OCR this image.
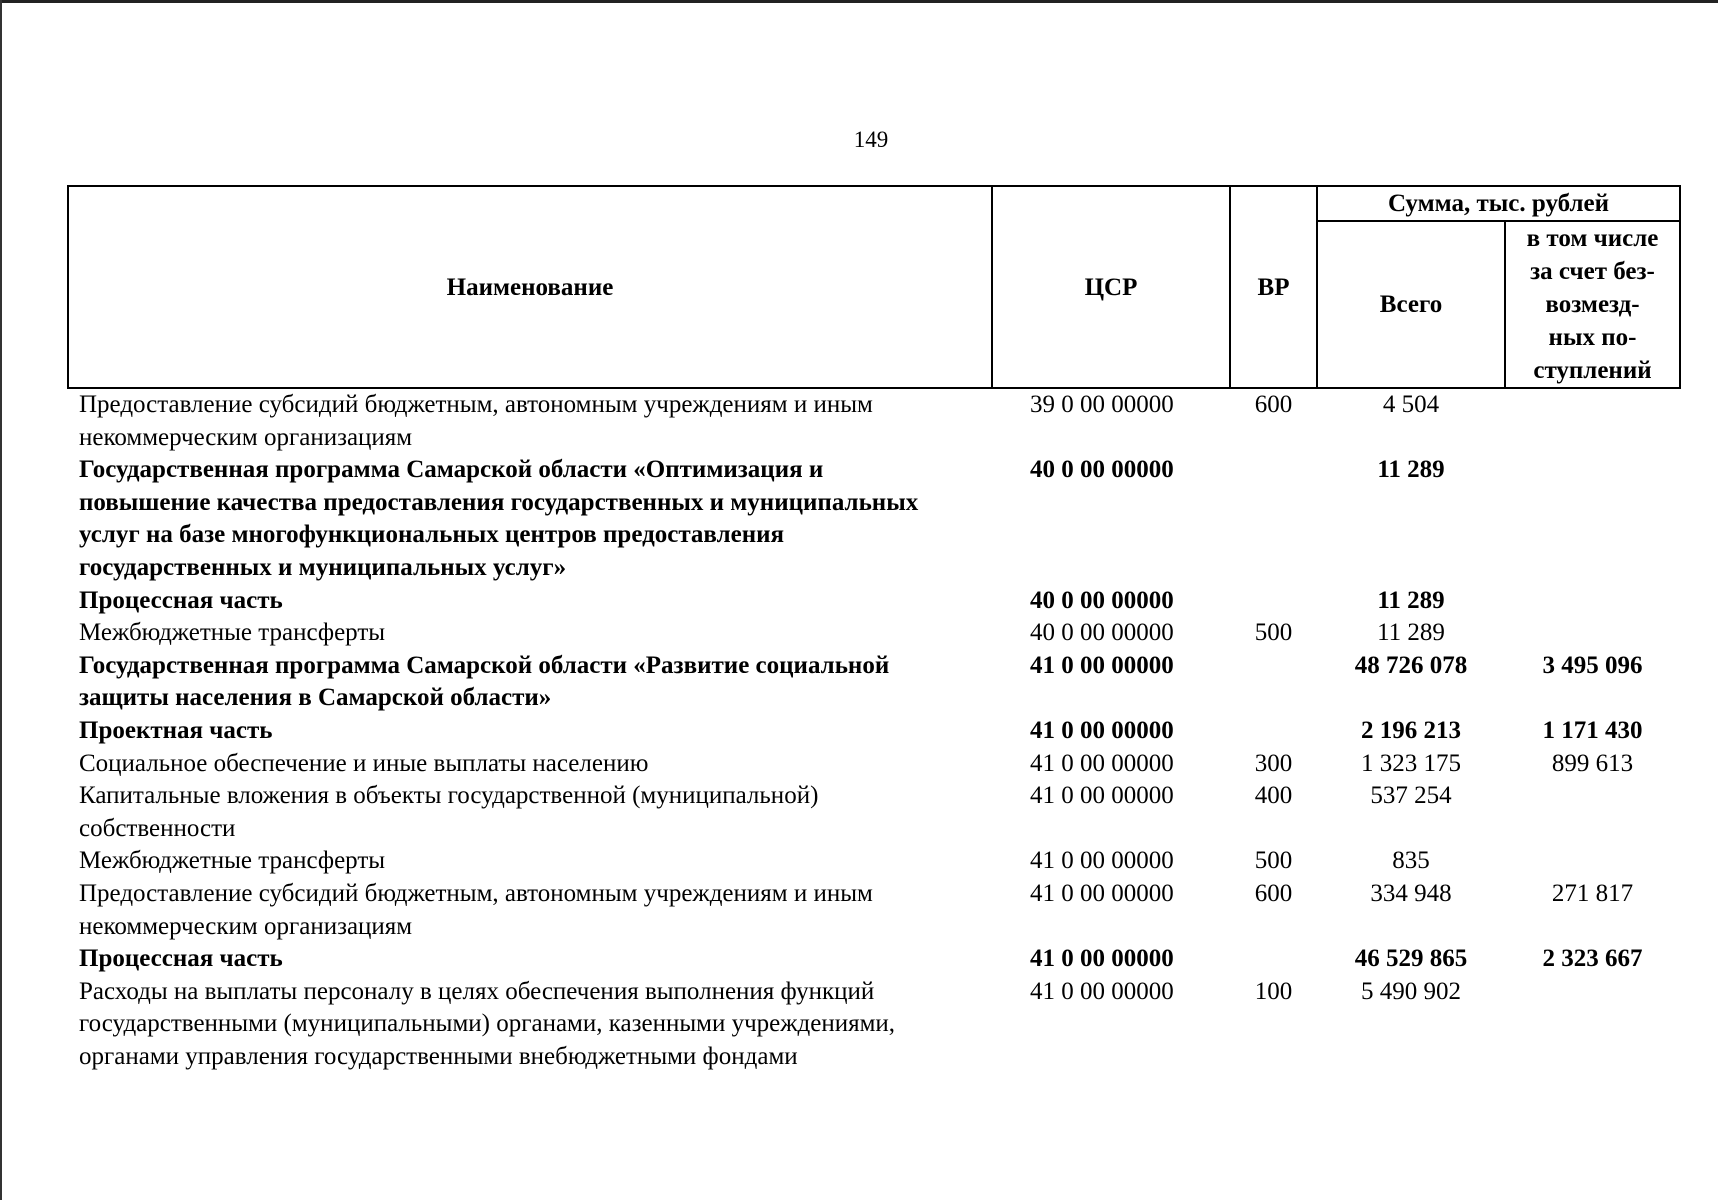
149
Наименование	ЦСР	ВР	Сумма, тыс. рублей	
			Всего	в том числе
за счет без-
возмезд-
ных по-
ступлений

Предоставление субсидий бюджетным, автономным учреждениям и иным некоммерческим организациям	39 0 00 00000	600	4 504	
Государственная программа Самарской области «Оптимизация и повышение качества предоставления государственных и муниципальных услуг на базе многофункциональных центров предоставления государственных и муниципальных услуг»	40 0 00 00000		11 289	
Процессная часть	40 0 00 00000		11 289	
Межбюджетные трансферты	40 0 00 00000	500	11 289	
Государственная программа Самарской области «Развитие социальной защиты населения в Самарской области»	41 0 00 00000		48 726 078	3 495 096
Проектная часть	41 0 00 00000		2 196 213	1 171 430
Социальное обеспечение и иные выплаты населению	41 0 00 00000	300	1 323 175	899 613
Капитальные вложения в объекты государственной (муниципальной) собственности	41 0 00 00000	400	537 254	
Межбюджетные трансферты	41 0 00 00000	500	835	
Предоставление субсидий бюджетным, автономным учреждениям и иным некоммерческим организациям	41 0 00 00000	600	334 948	271 817
Процессная часть	41 0 00 00000		46 529 865	2 323 667
Расходы на выплаты персоналу в целях обеспечения выполнения функций государственными (муниципальными) органами, казенными учреждениями, органами управления государственными внебюджетными фондами	41 0 00 00000	100	5 490 902	
